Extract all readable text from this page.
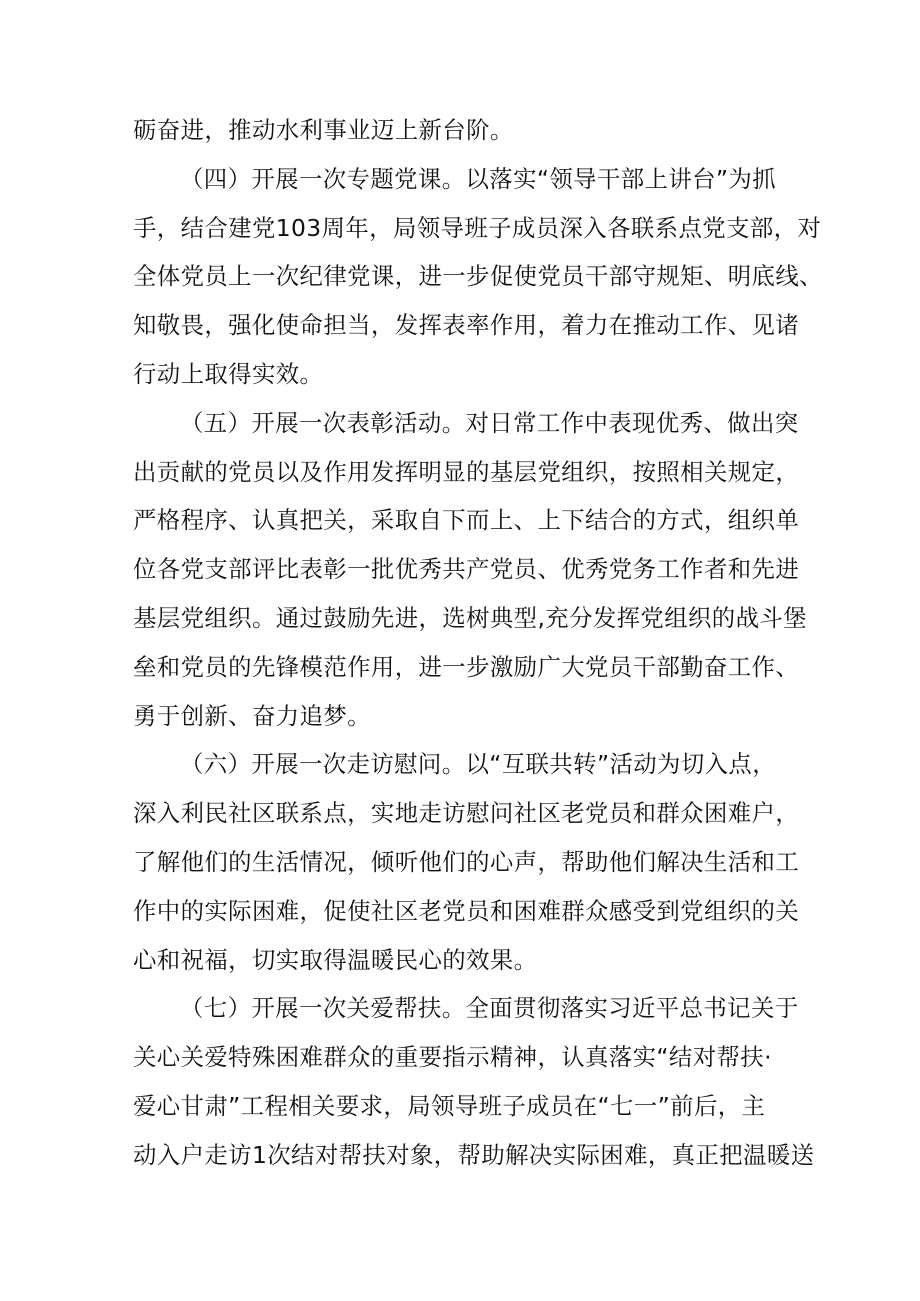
砺奋进，推动水利事业迈上新台阶。
（四）开展一次专题党课。以落实“领导干部上讲台”为抓
手，结合建党103周年，局领导班子成员深入各联系点党支部，对
全体党员上一次纪律党课，进一步促使党员干部守规矩、明底线、
知敬畏，强化使命担当，发挥表率作用，着力在推动工作、见诸
行动上取得实效。
（五）开展一次表彰活动。对日常工作中表现优秀、做出突
出贡献的党员以及作用发挥明显的基层党组织，按照相关规定，
严格程序、认真把关，采取自下而上、上下结合的方式，组织单
位各党支部评比表彰一批优秀共产党员、优秀党务工作者和先进
基层党组织。通过鼓励先进，选树典型,充分发挥党组织的战斗堡
垒和党员的先锋模范作用，进一步激励广大党员干部勤奋工作、
勇于创新、奋力追梦。
（六）开展一次走访慰问。以“互联共转”活动为切入点，
深入利民社区联系点，实地走访慰问社区老党员和群众困难户，
了解他们的生活情况，倾听他们的心声，帮助他们解决生活和工
作中的实际困难，促使社区老党员和困难群众感受到党组织的关
心和祝福，切实取得温暖民心的效果。
（七）开展一次关爱帮扶。全面贯彻落实习近平总书记关于
关心关爱特殊困难群众的重要指示精神，认真落实“结对帮扶·
爱心甘肃”工程相关要求，局领导班子成员在“七一”前后，主
动入户走访1次结对帮扶对象，帮助解决实际困难，真正把温暖送
